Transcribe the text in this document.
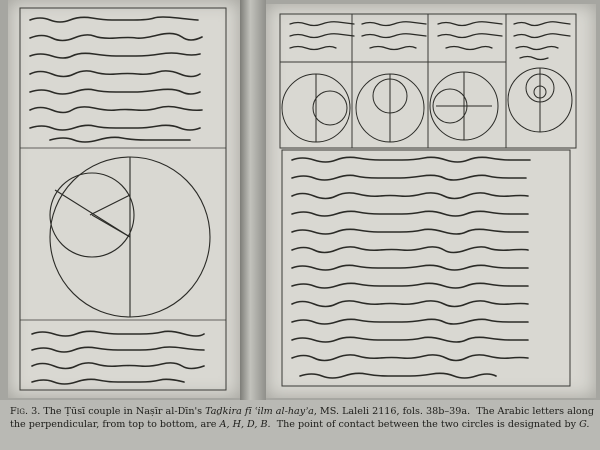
Fig. 3. The Ṭūsī couple in Naṣīr al-Dīn's Taḏkira fī ʿilm al-hayʾa, MS. Laleli 2116, fols. 38b–39a.  The Arabic letters along the perpendicular, from top to bottom, are A, H, D, B.  The point of contact between the two circles is designated by G.
